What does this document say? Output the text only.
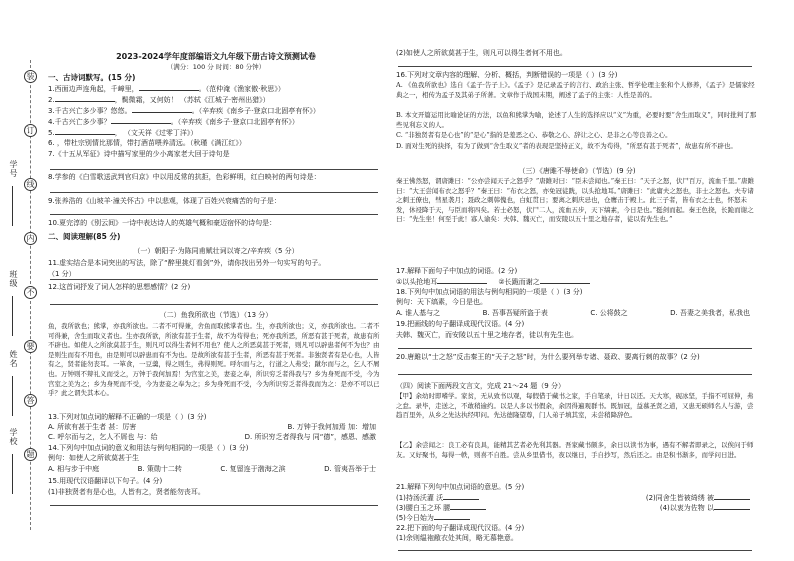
装
订
线
内
不
要
答
题
学号
班级
姓名
学校
2023-2024学年度部编语文九年级下册古诗文预测试卷
（满分：100 分 时间：80 分钟）
一、古诗词默写。(15 分)
1.西面边声连角起，千嶂里，	。（范仲淹《渔家傲·秋思》）
2.	，鬓微霜，又何妨！ （苏轼《江城子·密州出猎》）
3.千古兴亡多少事？悠悠。	。（辛弃疾《南乡子·登京口北固亭有怀》）
4.千古兴亡多少事？	。（辛弃疾《南乡子·登京口北固亭有怀》）
5.	， （文天祥《过零丁洋》）
6. ，带杜宗别情比那情，带打酒苗喂养清远。（秋瑾《满江红》）
7.《十五从军征》诗中描写家里的少小离家老大回于诗句是
8.学参的《白雪歌送武判官归京》中以用反常的抗拒，色彩鲜明，红白映衬的两句诗是：
9.张养浩的《山坡羊·潼关怀古》中以悲观，体现了百姓兴衰痛苦的句子是：
10.夏完淳的《别云间》一诗中表达诗人的英雄气概和豪迈宿怀的诗句是：
二、阅读理解(85 分)
（一）朝阳子·为陈同甫赋壮词以寄之/辛弃疾（5 分）
11.虚实结合是本词突出的写法，除了“醉里挑灯看剑”外，请你找出另外一句实写的句子。
（1 分）
12.这首词抒发了词人怎样的思想感情？(2 分)
（二）鱼我所欲也（节选）（13 分）
鱼，我所欲也；熊掌，亦我所欲也。二者不可得兼，舍鱼而取熊掌者也。生，亦我所欲也；义，亦我所欲也。二者不可得兼，舍生而取义者也。生亦我所欲，所欲有甚于生者，故不为苟得也；死亦我所恶，所恶有甚于死者，故患有所不辟也。如使人之所欲莫甚于生，则凡可以得生者何不用也？使人之所恶莫甚于死者，则凡可以辟患者何不为也？由是则生而有不用也，由是则可以辟患而有不为也。是故所欲有甚于生者，所恶有甚于死者。非独贤者有是心也，人皆有之，贤者能勿丧耳。一箪食，一豆羹，得之则生，弗得则死。呼尔而与之，行道之人弗受；蹴尔而与之，乞人不屑也。万钟则不辩礼义而受之，万钟于我何加焉！为宫室之美，妻妾之奉，所识穷乏者得我与？乡为身死而不受，今为宫室之美为之；乡为身死而不受，今为妻妾之奉为之；乡为身死而不受，今为所识穷乏者得我而为之：是亦不可以已乎？此之谓失其本心。
13.下列对加点词的解释不正确的一项是（ ）(3 分)
A. 所欲有甚于生者 甚：厉害	B. 万钟于我何加焉 加：增加
C. 呼尔而与之，乞人不屑也 与：给	D. 所识穷乏者得我与 同“德”，感恩、感激
14.下列句中加点词的意义和用法与例句相同的一项是（ ）(3 分)
例句：如使人之所欲莫甚于生
A. 相与步于中庭	B. 策勋十二转	C. 复留连于渤海之滨	D. 管夷吾举于士
15.用现代汉语翻译以下句子。(4 分)
(1)非独贤者有是心也，人皆有之，贤者能勿丧耳。
(2)如使人之所欲莫甚于生，则凡可以得生者何不用也。
16.下列对文章内容的理解、分析、概括，判断错误的一项是（ ）(3 分)
A. 《鱼我所欲也》选自《孟子·告子上》。《孟子》是记录孟子的言行、政治主张、哲学伦理主张和个人修养，《孟子》是儒家经典之一，相传为孟子及其弟子所著。文章作于战国末期，阐述了孟子的主张：人性是善的。
B. 本文开篇运用比喻论证的方法，以鱼和熊掌为喻，论述了人生的选择应以“义”为重，必要时要“舍生而取义”，同时批判了那些见利忘义的人。
C. “非独贤者有是心也”的“是心”指的是羞恶之心、恭敬之心、辞让之心、是非之心等良善之心。
D. 面对生死的抉择，有为了做到“舍生取义”者的表现是坚持正义，故不为苟得，“所恶有甚于死者”，故患有所不辟也。
（三）《唐雎不辱使命》（节选）(9 分)
秦王怫然怒，谓唐雎曰：“公亦尝闻天子之怒乎？”唐雎对曰：“臣未尝闻也。”秦王曰：“天子之怒，伏尸百万，流血千里。”唐雎曰：“大王尝闻布衣之怒乎？”秦王曰：“布衣之怒，亦免冠徒跣，以头抢地耳。”唐雎曰：“此庸夫之怒也，非士之怒也。夫专诸之刺王僚也，彗星袭月；聂政之刺韩傀也，白虹贯日；要离之刺庆忌也，仓鹰击于殿上。此三子者，皆布衣之士也，怀怒未发，休祲降于天，与臣而将四矣。若士必怒，伏尸二人，流血五步，天下缟素，今日是也。”挺剑而起。秦王色挠，长跪而谢之曰：“先生坐！何至于此！寡人谕矣：夫韩、魏灭亡，而安陵以五十里之地存者，徒以有先生也。”
17.解释下面句子中加点的词语。(2 分)
①以头抢地耳	②长跪而谢之
18.下列句中加点词语的用法与例句相同的一项是（ ）(3 分)
例句：天下缟素，今日是也。
A. 谁人基与之	B. 吾事吾疑所盗于表	C. 公将鼓之	D. 吾妻之美我者，私我也
19.把画线的句子翻译成现代汉语。(4 分)
夫韩、魏灭亡，而安陵以五十里之地存者，徒以有先生也。
20.唐雎以“士之怒”反击秦王的“天子之怒”时，为什么要列举专诸、聂政、要离行刺的故事？(2 分)
（四）阅读下面两段文言文，完成 21～24 题（9 分）
【甲】余幼时即嗜学。家贫，无从致书以观，每假借于藏书之家，手自笔录，计日以还。天大寒，砚冰坚，手指不可屈伸，弗之怠。录毕，走送之，不敢稍逾约。以是人多以书假余，余因得遍观群书。既加冠，益慕圣贤之道，又患无硕师名人与游，尝趋百里外，从乡之先达执经叩问。先达德隆望尊，门人弟子填其室，未尝稍降辞色。
【乙】余尝闻之：良工必有良具，能精其艺者必先利其器。吾家藏书颇多，余日以读书为事，遇有不解者即录之，以俟问于师友。又好聚书，每得一帙，则喜不自胜。尝从乡里借书，夜以继日，手自抄写，然后还之。由是积书渐多，而学问日进。
21.解释下列句中加点词语的意思。(5 分)
(1)持汤沃灌 沃	(2)同舍生皆被绮绣 被
(3)腰白玉之环 腰	(4)以衷为佐物 以
(5)今日始为
22.把下面的句子翻译成现代汉语。(4 分)
(1)余则缊袍敝衣处其间，略无慕艳意。
